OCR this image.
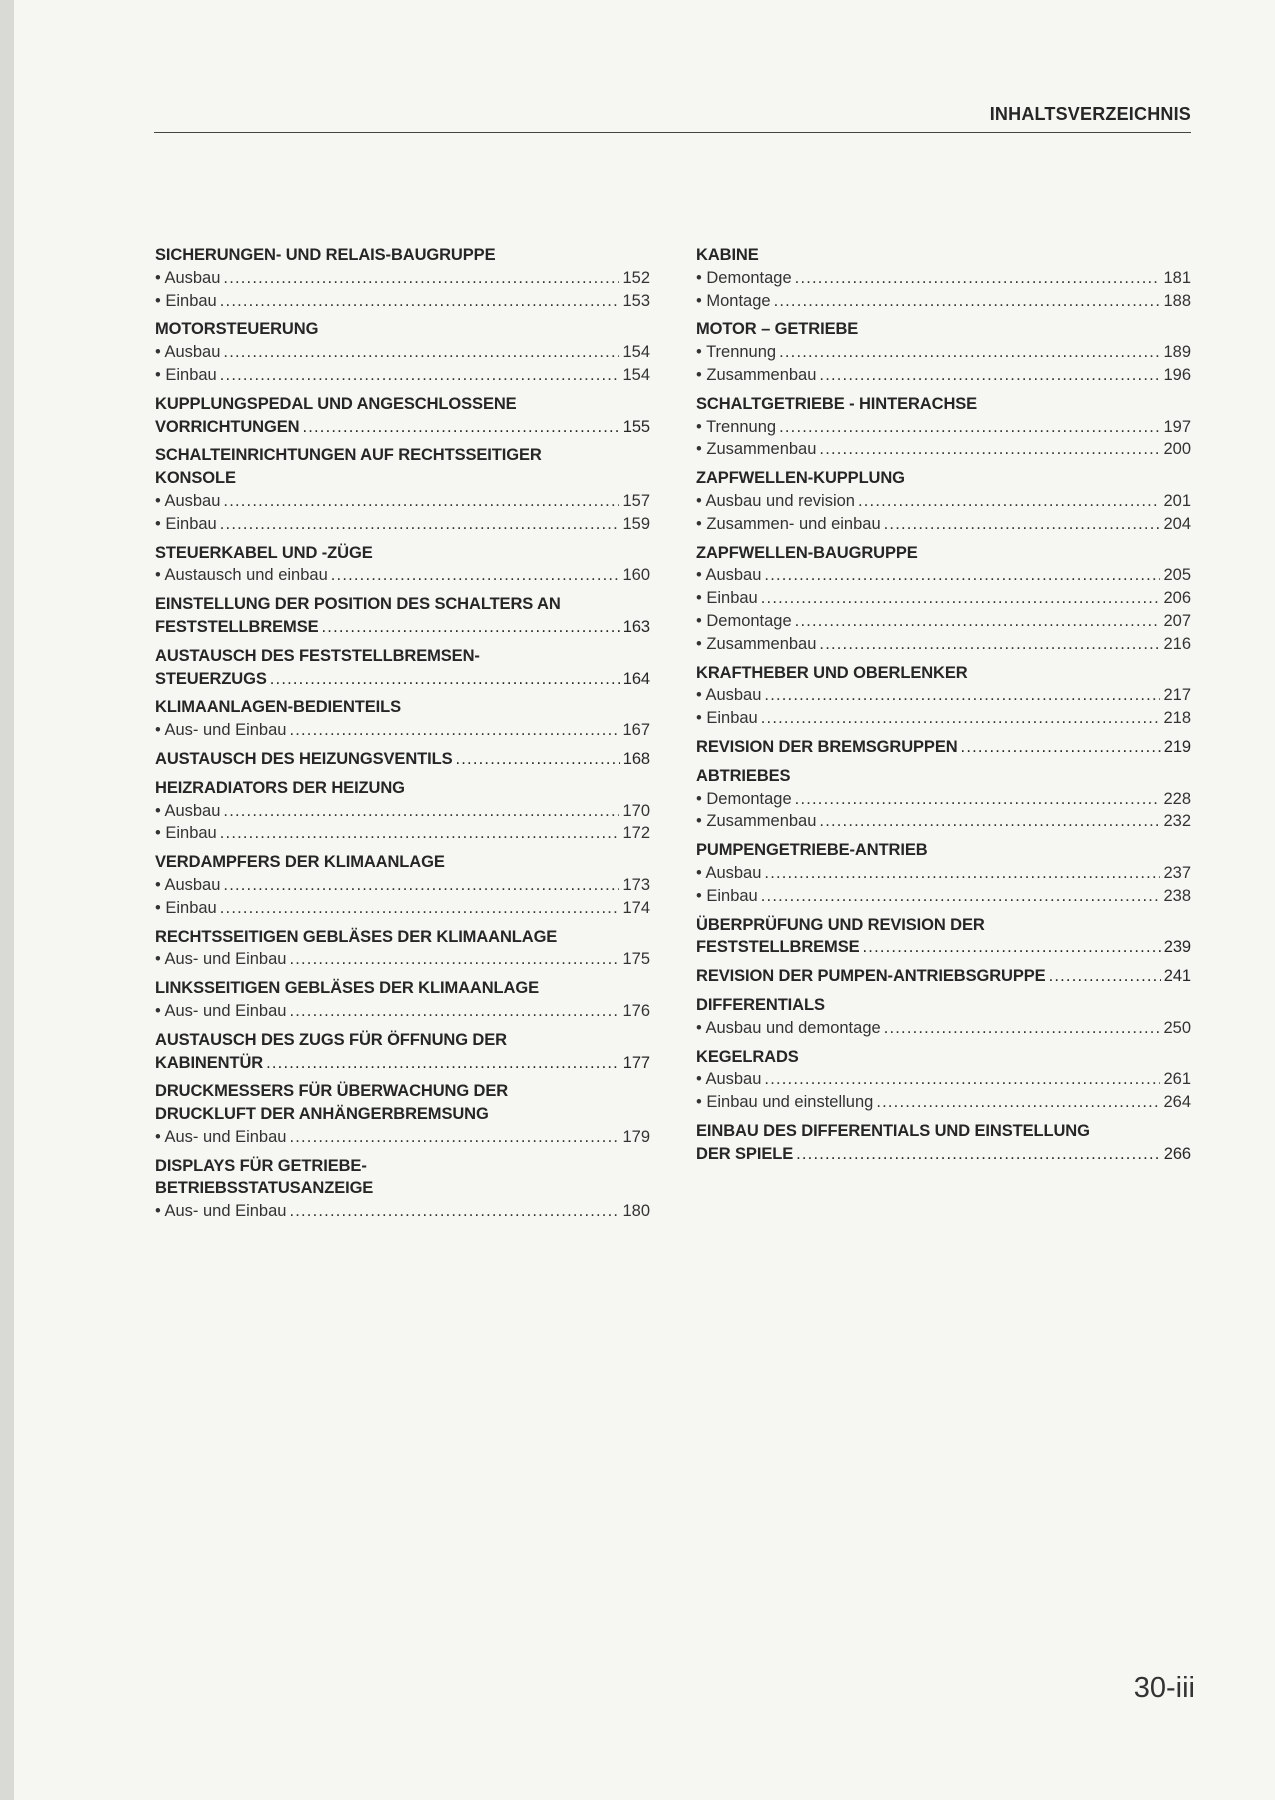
INHALTSVERZEICHNIS
SICHERUNGEN- UND RELAIS-BAUGRUPPE
• Ausbau .....	152
• Einbau .....	153
MOTORSTEUERUNG
• Ausbau .....	154
• Einbau .....	154
KUPPLUNGSPEDAL UND ANGESCHLOSSENE
VORRICHTUNGEN .....	155
SCHALTEINRICHTUNGEN AUF RECHTSSEITIGER
KONSOLE
• Ausbau .....	157
• Einbau .....	159
STEUERKABEL UND -ZÜGE
• Austausch und einbau .....	160
EINSTELLUNG DER POSITION DES SCHALTERS AN
FESTSTELLBREMSE .....	163
AUSTAUSCH DES FESTSTELLBREMSEN-
STEUERZUGS .....	164
KLIMAANLAGEN-BEDIENTEILS
• Aus- und Einbau .....	167
AUSTAUSCH DES HEIZUNGSVENTILS .....	168
HEIZRADIATORS DER HEIZUNG
• Ausbau .....	170
• Einbau .....	172
VERDAMPFERS DER KLIMAANLAGE
• Ausbau .....	173
• Einbau .....	174
RECHTSSEITIGEN GEBLÄSES DER KLIMAANLAGE
• Aus- und Einbau .....	175
LINKSSEITIGEN GEBLÄSES DER KLIMAANLAGE
• Aus- und Einbau .....	176
AUSTAUSCH DES ZUGS FÜR ÖFFNUNG DER
KABINENTÜR .....	177
DRUCKMESSERS FÜR ÜBERWACHUNG DER
DRUCKLUFT DER ANHÄNGERBREMSUNG
• Aus- und Einbau .....	179
DISPLAYS FÜR GETRIEBE-
BETRIEBSSTATUSANZEIGE
• Aus- und Einbau .....	180
KABINE
• Demontage .....	181
• Montage .....	188
MOTOR – GETRIEBE
• Trennung .....	189
• Zusammenbau .....	196
SCHALTGETRIEBE - HINTERACHSE
• Trennung .....	197
• Zusammenbau .....	200
ZAPFWELLEN-KUPPLUNG
• Ausbau und revision .....	201
• Zusammen- und einbau .....	204
ZAPFWELLEN-BAUGRUPPE
• Ausbau .....	205
• Einbau .....	206
• Demontage .....	207
• Zusammenbau .....	216
KRAFTHEBER UND OBERLENKER
• Ausbau .....	217
• Einbau .....	218
REVISION DER BREMSGRUPPEN .....	219
ABTRIEBES
• Demontage .....	228
• Zusammenbau .....	232
PUMPENGETRIEBE-ANTRIEB
• Ausbau .....	237
• Einbau .....	238
ÜBERPRÜFUNG UND REVISION DER
FESTSTELLBREMSE .....	239
REVISION DER PUMPEN-ANTRIEBSGRUPPE .....	241
DIFFERENTIALS
• Ausbau und demontage .....	250
KEGELRADS
• Ausbau .....	261
• Einbau und einstellung .....	264
EINBAU DES DIFFERENTIALS UND EINSTELLUNG
DER SPIELE .....	266
30-iii
